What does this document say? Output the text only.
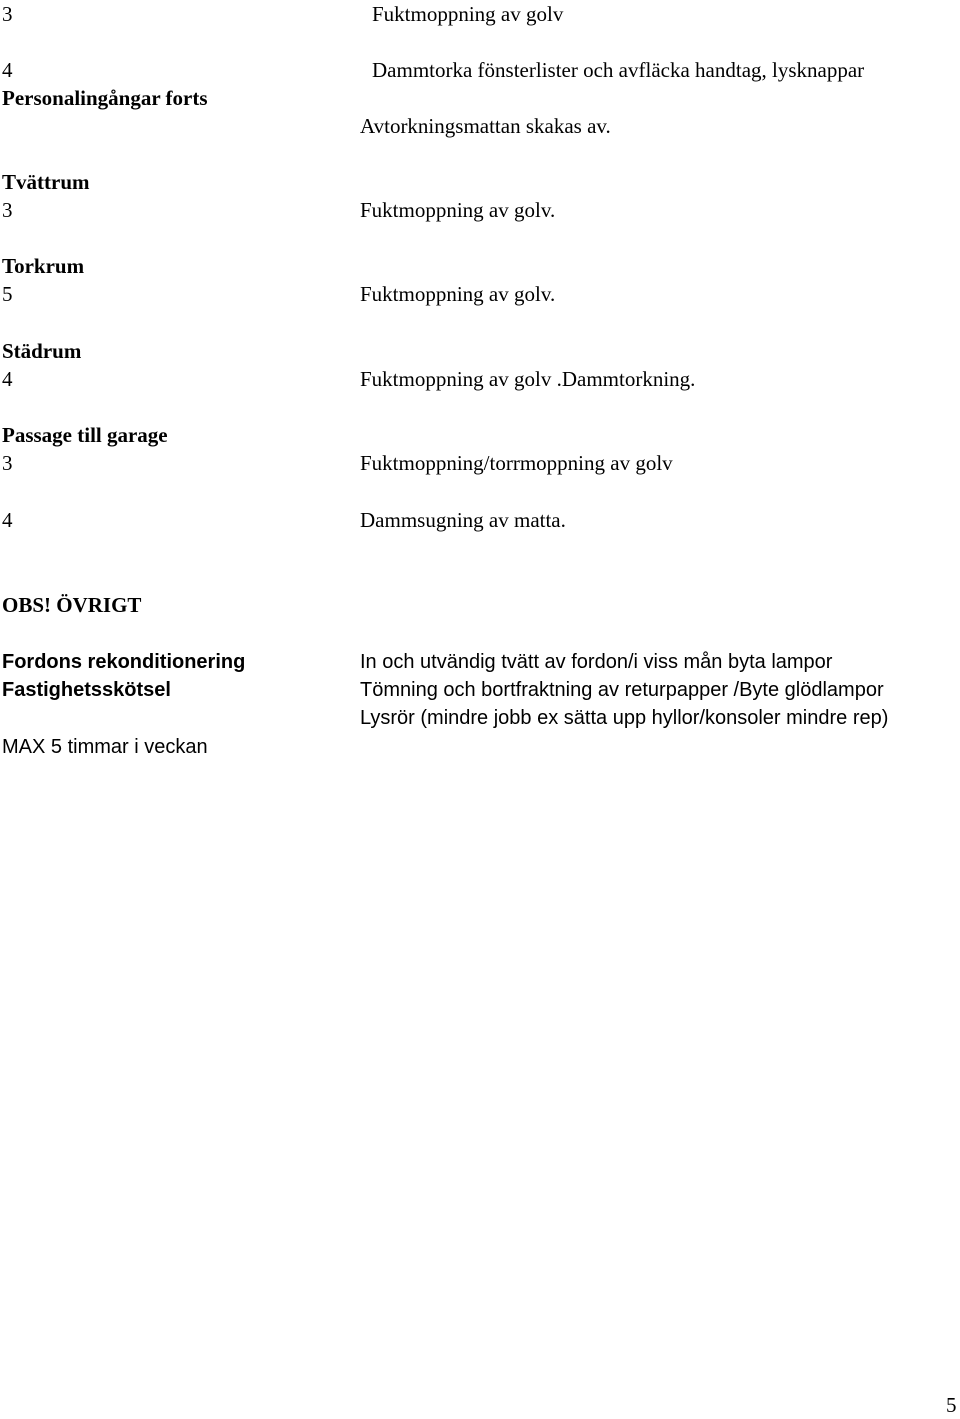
3	Fuktmoppning av golv
4	Dammtorka fönsterlister och avfläcka handtag, lysknappar
Personalingångar forts
Avtorkningsmattan skakas av.
Tvättrum
3	Fuktmoppning av golv.
Torkrum
5	Fuktmoppning av golv.
Städrum
4	Fuktmoppning av golv .Dammtorkning.
Passage till garage
3	Fuktmoppning/torrmoppning av golv
4	Dammsugning av matta.
OBS! ÖVRIGT
Fordons rekonditionering	In och utvändig tvätt av fordon/i viss mån byta lampor
Fastighetsskötsel	Tömning och bortfraktning av returpapper /Byte glödlampor
Lysrör (mindre jobb ex sätta upp hyllor/konsoler mindre rep)
MAX 5 timmar i veckan
5
